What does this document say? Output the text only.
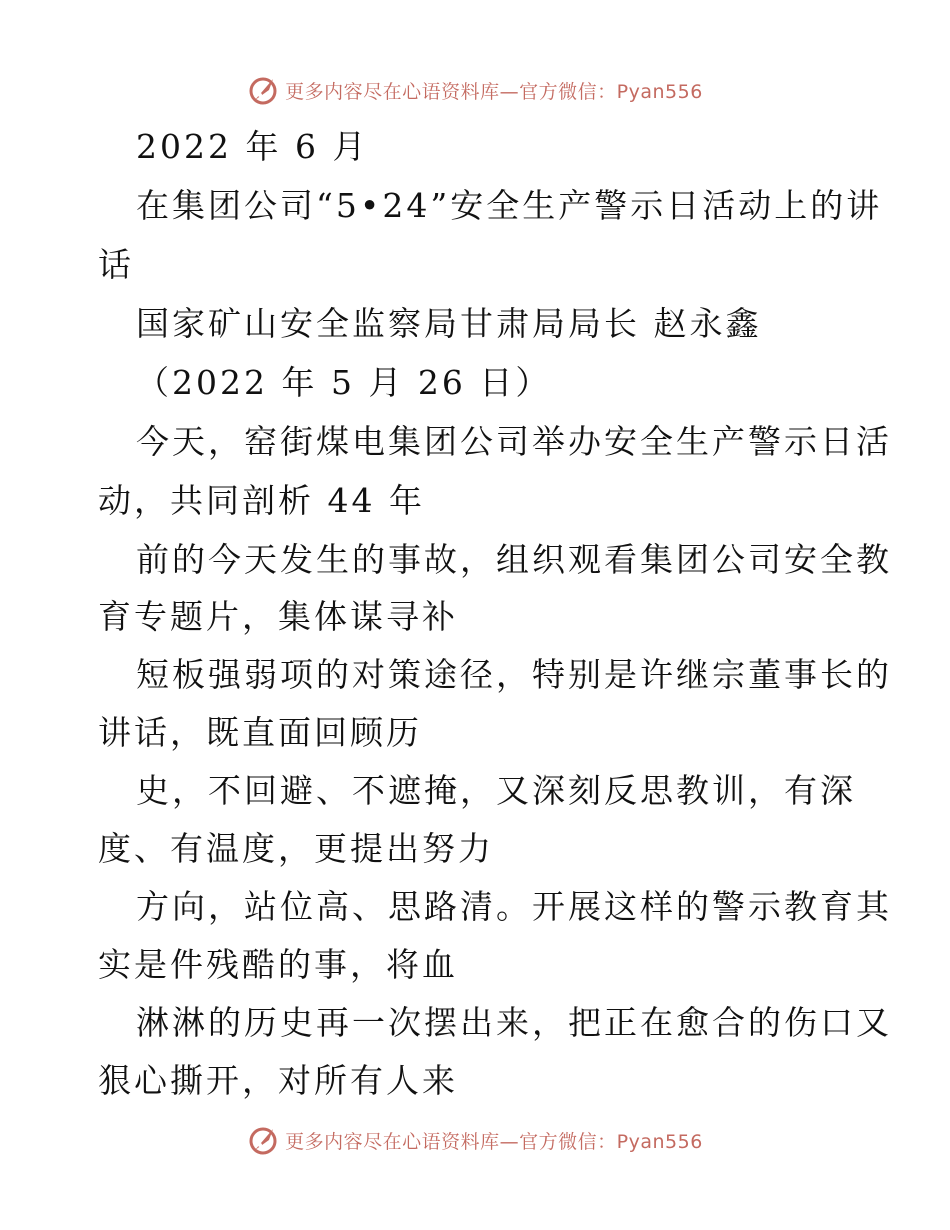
更多内容尽在心语资料库—官方微信：Pyan556
2022 年 6 月
在集团公司“5•24”安全生产警示日活动上的讲
话
国家矿山安全监察局甘肃局局长 赵永鑫
（2022 年 5 月 26 日）
今天，窑街煤电集团公司举办安全生产警示日活
动，共同剖析 44 年
前的今天发生的事故，组织观看集团公司安全教
育专题片，集体谋寻补
短板强弱项的对策途径，特别是许继宗董事长的
讲话，既直面回顾历
史，不回避、不遮掩，又深刻反思教训，有深
度、有温度，更提出努力
方向，站位高、思路清。开展这样的警示教育其
实是件残酷的事，将血
淋淋的历史再一次摆出来，把正在愈合的伤口又
狠心撕开，对所有人来
更多内容尽在心语资料库—官方微信：Pyan556
